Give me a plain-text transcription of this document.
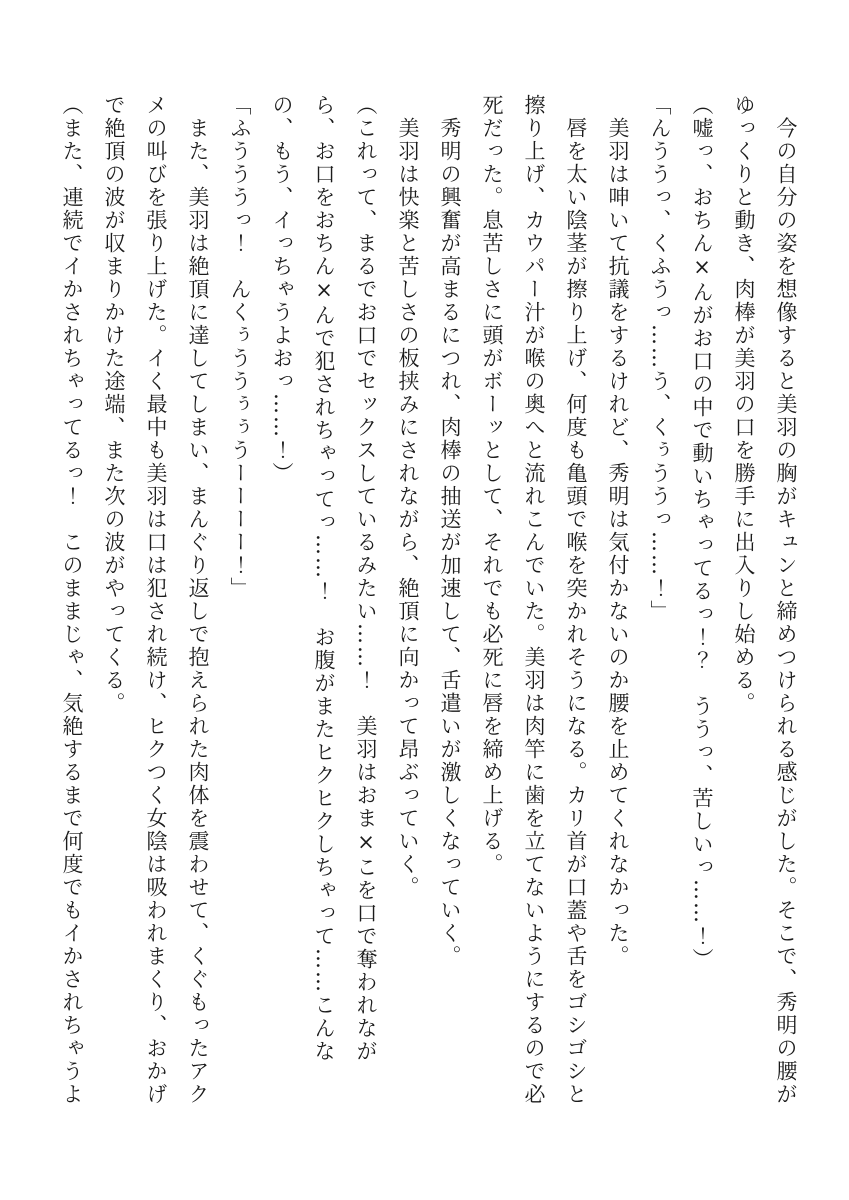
今の自分の姿を想像すると美羽の胸がキュンと締めつけられる感じがした。そこで、秀明の腰がゆっくりと動き、肉棒が美羽の口を勝手に出入りし始める。

（嘘っ、おちん×んがお口の中で動いちゃってるっ！？　ううっ、苦しいっ……！）

「んううっ、くふうっ……う、くぅううっ……！」

美羽は呻いて抗議をするけれど、秀明は気付かないのか腰を止めてくれなかった。

唇を太い陰茎が擦り上げ、何度も亀頭で喉を突かれそうになる。カリ首が口蓋や舌をゴシゴシと擦り上げ、カウパー汁が喉の奥へと流れこんでいた。美羽は肉竿に歯を立てないようにするので必死だった。息苦しさに頭がボーッとして、それでも必死に唇を締め上げる。

秀明の興奮が高まるにつれ、肉棒の抽送が加速して、舌遣いが激しくなっていく。

美羽は快楽と苦しさの板挟みにされながら、絶頂に向かって昂ぶっていく。

（これって、まるでお口でセックスしているみたい……！　美羽はおま×こを口で奪われながら、お口をおちん×んで犯されちゃってっ……！　お腹がまたヒクヒクしちゃって……こんなの、もう、イっちゃうよおっ……！）

「ふうううっ！　んくぅううぅぅうーーーー！」

また、美羽は絶頂に達してしまい、まんぐり返しで抱えられた肉体を震わせて、くぐもったアクメの叫びを張り上げた。イく最中も美羽は口は犯され続け、ヒクつく女陰は吸われまくり、おかげで絶頂の波が収まりかけた途端、また次の波がやってくる。

（また、連続でイかされちゃってるっ！　このままじゃ、気絶するまで何度でもイかされちゃうよ
